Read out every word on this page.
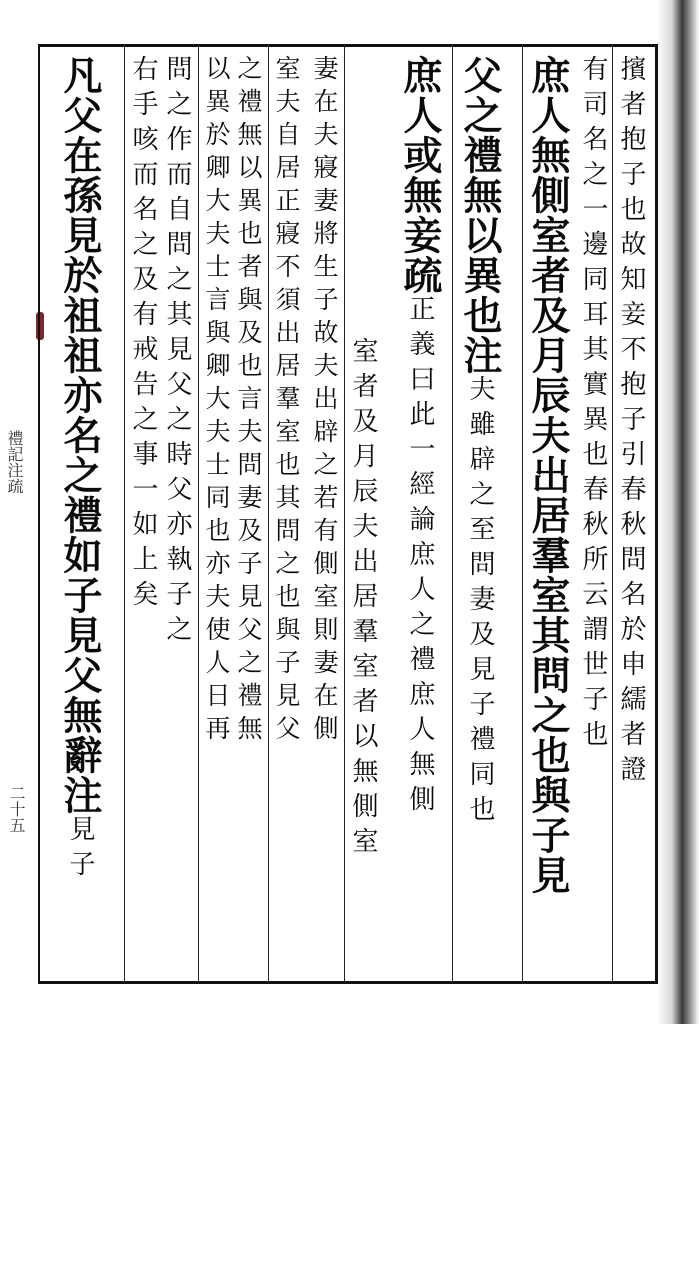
禮記注疏
二十五
擯者抱子也故知妾不抱子引春秋問名於申繻者證
有司名之一邊同耳其實異也春秋所云謂世子也
庶人無側室者及月辰夫出居羣室其問之也與子見
父之禮無以異也注夫雖辟之至問妻及見子禮同也
庶人或無妾疏正義曰此一經論庶人之禮庶人無側
室者及月辰夫出居羣室者以無側室
妻在夫寢妻將生子故夫出辟之若有側室則妻在側
室夫自居正寢不須出居羣室也其問之也與子見父
之禮無以異也者與及也言夫問妻及子見父之禮無
以異於卿大夫士言與卿大夫士同也亦夫使人日再
問之作而自問之其見父之時父亦執子之
右手咳而名之及有戒告之事一如上矣
凡父在孫見於祖祖亦名之禮如子見父無辭注見子
